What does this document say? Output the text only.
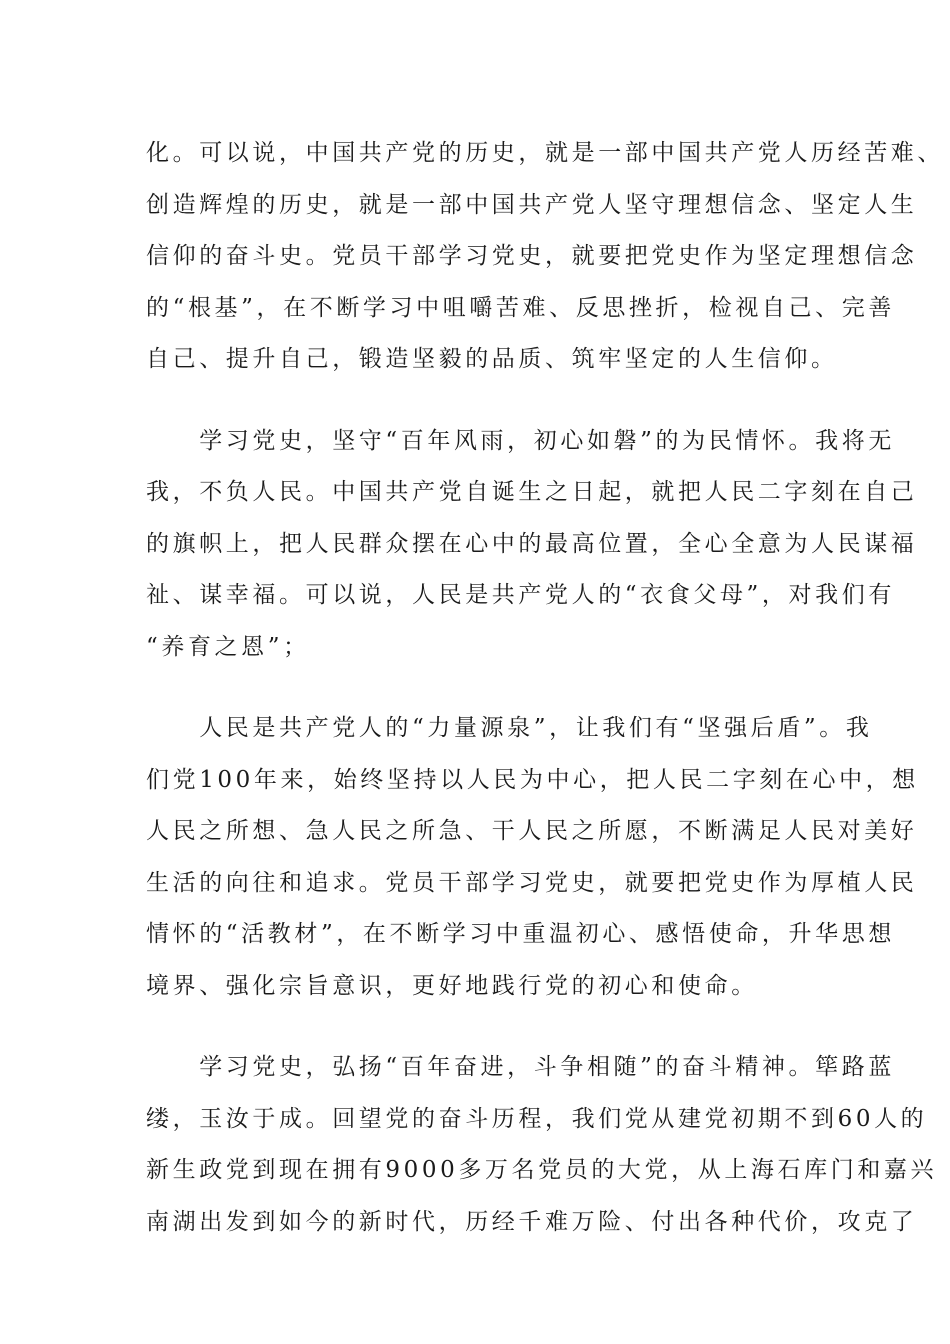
化。可以说，中国共产党的历史，就是一部中国共产党人历经苦难、
创造辉煌的历史，就是一部中国共产党人坚守理想信念、坚定人生
信仰的奋斗史。党员干部学习党史，就要把党史作为坚定理想信念
的“根基”，在不断学习中咀嚼苦难、反思挫折，检视自己、完善
自己、提升自己，锻造坚毅的品质、筑牢坚定的人生信仰。

　　学习党史，坚守“百年风雨，初心如磐”的为民情怀。我将无
我，不负人民。中国共产党自诞生之日起，就把人民二字刻在自己
的旗帜上，把人民群众摆在心中的最高位置，全心全意为人民谋福
祉、谋幸福。可以说，人民是共产党人的“衣食父母”，对我们有
“养育之恩”；

　　人民是共产党人的“力量源泉”，让我们有“坚强后盾”。我
们党100年来，始终坚持以人民为中心，把人民二字刻在心中，想
人民之所想、急人民之所急、干人民之所愿，不断满足人民对美好
生活的向往和追求。党员干部学习党史，就要把党史作为厚植人民
情怀的“活教材”，在不断学习中重温初心、感悟使命，升华思想
境界、强化宗旨意识，更好地践行党的初心和使命。

　　学习党史，弘扬“百年奋进，斗争相随”的奋斗精神。筚路蓝
缕，玉汝于成。回望党的奋斗历程，我们党从建党初期不到60人的
新生政党到现在拥有9000多万名党员的大党，从上海石库门和嘉兴
南湖出发到如今的新时代，历经千难万险、付出各种代价，攻克了
